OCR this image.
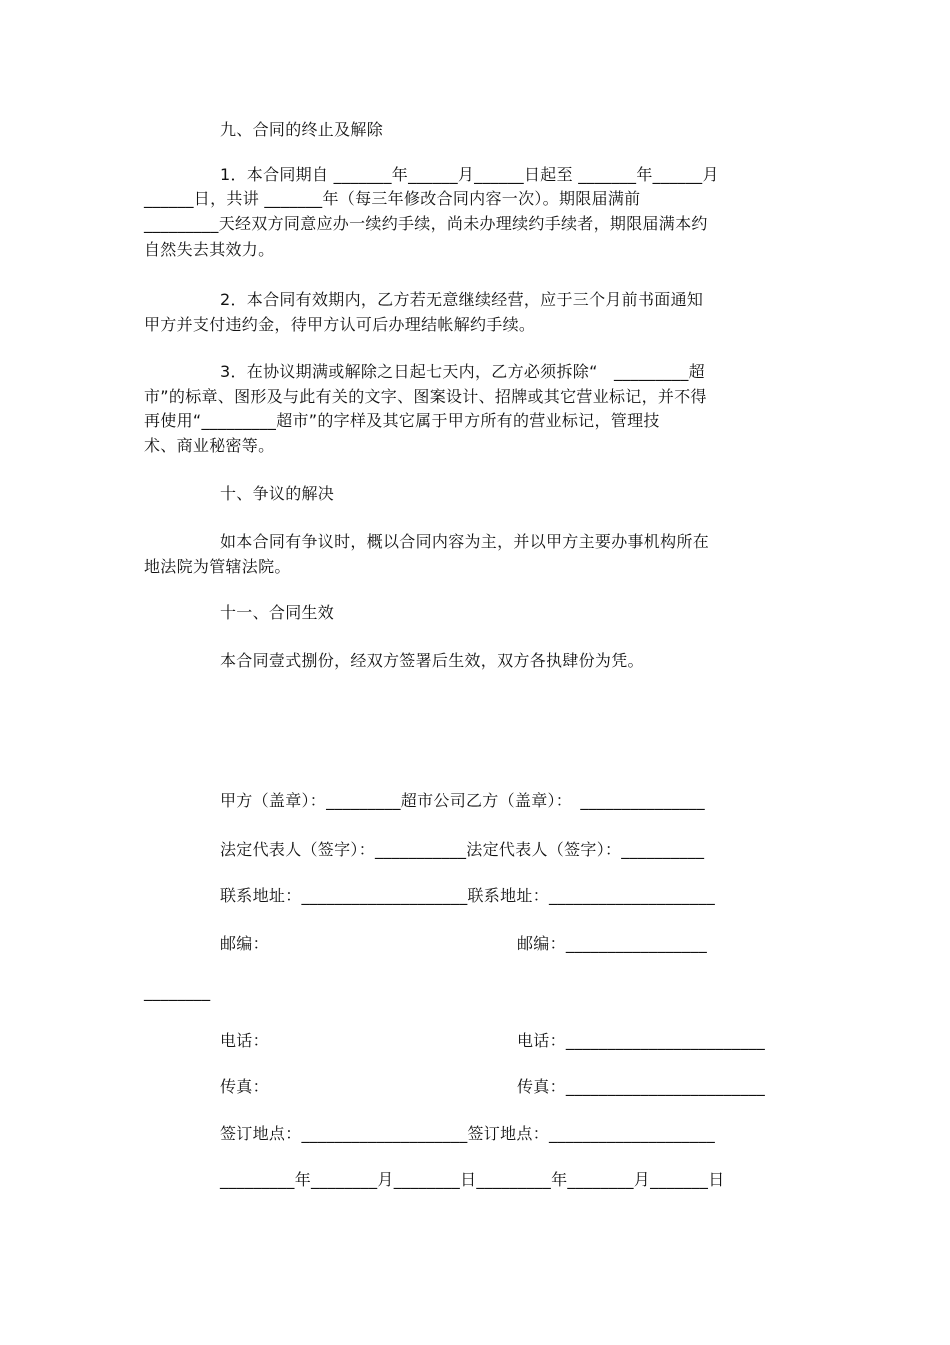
九、合同的终止及解除
1．本合同期自 _______年______月______日起至 _______年______月
______日，共讲 _______年（每三年修改合同内容一次）。期限届满前
_________天经双方同意应办一续约手续，尚未办理续约手续者，期限届满本约
自然失去其效力。
2．本合同有效期内，乙方若无意继续经营，应于三个月前书面通知
甲方并支付违约金，待甲方认可后办理结帐解约手续。
3．在协议期满或解除之日起七天内，乙方必须拆除“　_________超
市”的标章、图形及与此有关的文字、图案设计、招牌或其它营业标记，并不得
再使用“_________超市”的字样及其它属于甲方所有的营业标记，管理技
术、商业秘密等。
十、争议的解决
如本合同有争议时，概以合同内容为主，并以甲方主要办事机构所在
地法院为管辖法院。
十一、合同生效
本合同壹式捌份，经双方签署后生效，双方各执肆份为凭。
甲方（盖章）：_________超市公司乙方（盖章）：　_______________
法定代表人（签字）：___________法定代表人（签字）：__________
联系地址：____________________联系地址：____________________
邮编：	邮编：_________________
________
电话：	电话：________________________
传真：	传真：________________________
签订地点：____________________签订地点：____________________
_________年________月________日_________年________月_______日
